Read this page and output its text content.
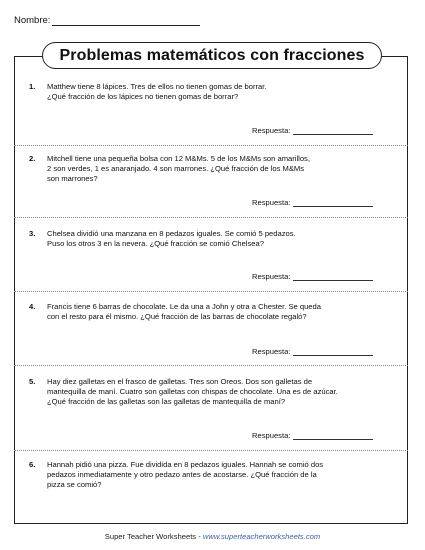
Nombre:
Problemas matemáticos con fracciones
1. Matthew tiene 8 lápices. Tres de ellos no tienen gomas de borrar.
¿Qué fracción de los lápices no tienen gomas de borrar?
Respuesta:
2. Mitchell tiene una pequeña bolsa con 12 M&Ms. 5 de los M&Ms son amarillos,
2 son verdes, 1 es anaranjado. 4 son marrones. ¿Qué fracción de los M&Ms
son marrones?
Respuesta:
3. Chelsea dividió una manzana en 8 pedazos iguales. Se comió 5 pedazos.
Puso los otros 3 en la nevera. ¿Qué fracción se comió Chelsea?
Respuesta:
4. Francis tiene 6 barras de chocolate. Le da una a John y otra a Chester. Se queda
con el resto para él mismo. ¿Qué fracción de las barras de chocolate regaló?
Respuesta:
5. Hay diez galletas en el frasco de galletas. Tres son Oreos. Dos son galletas de
mantequilla de maní. Cuatro son galletas con chispas de chocolate. Una es de azúcar.
¿Qué fracción de las galletas son las galletas de mantequilla de maní?
Respuesta:
6. Hannah pidió una pizza. Fue dividida en 8 pedazos iguales. Hannah se comió dos
pedazos inmediatamente y otro pedazo antes de acostarse. ¿Qué fracción de la
pizza se comió?
Super Teacher Worksheets - www.superteacherworksheets.com
